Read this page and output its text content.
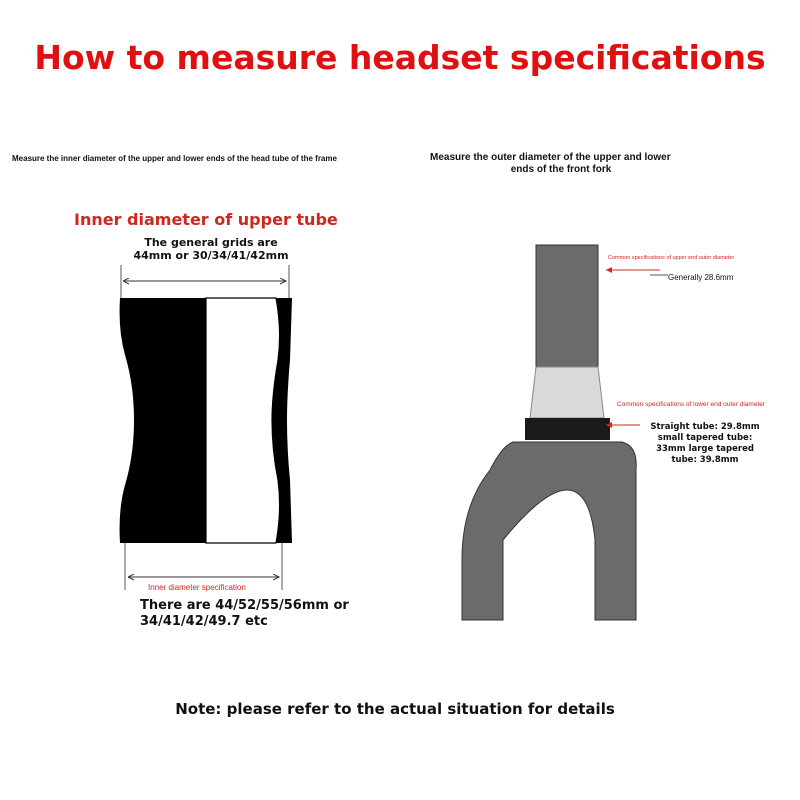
How to measure headset specifications
Measure the inner diameter of the upper and lower ends of the head tube of the frame
Inner diameter of upper tube
The general grids are
44mm or 30/34/41/42mm
Inner diameter specification
There are 44/52/55/56mm or
34/41/42/49.7 etc
Measure the outer diameter of the upper and lower
ends of the front fork
Common specifications of upper end outer diameter
Generally 28.6mm
Common specifications of lower end outer diameter
Straight tube: 29.8mm
small tapered tube:
33mm large tapered
tube: 39.8mm
Note: please refer to the actual situation for details
